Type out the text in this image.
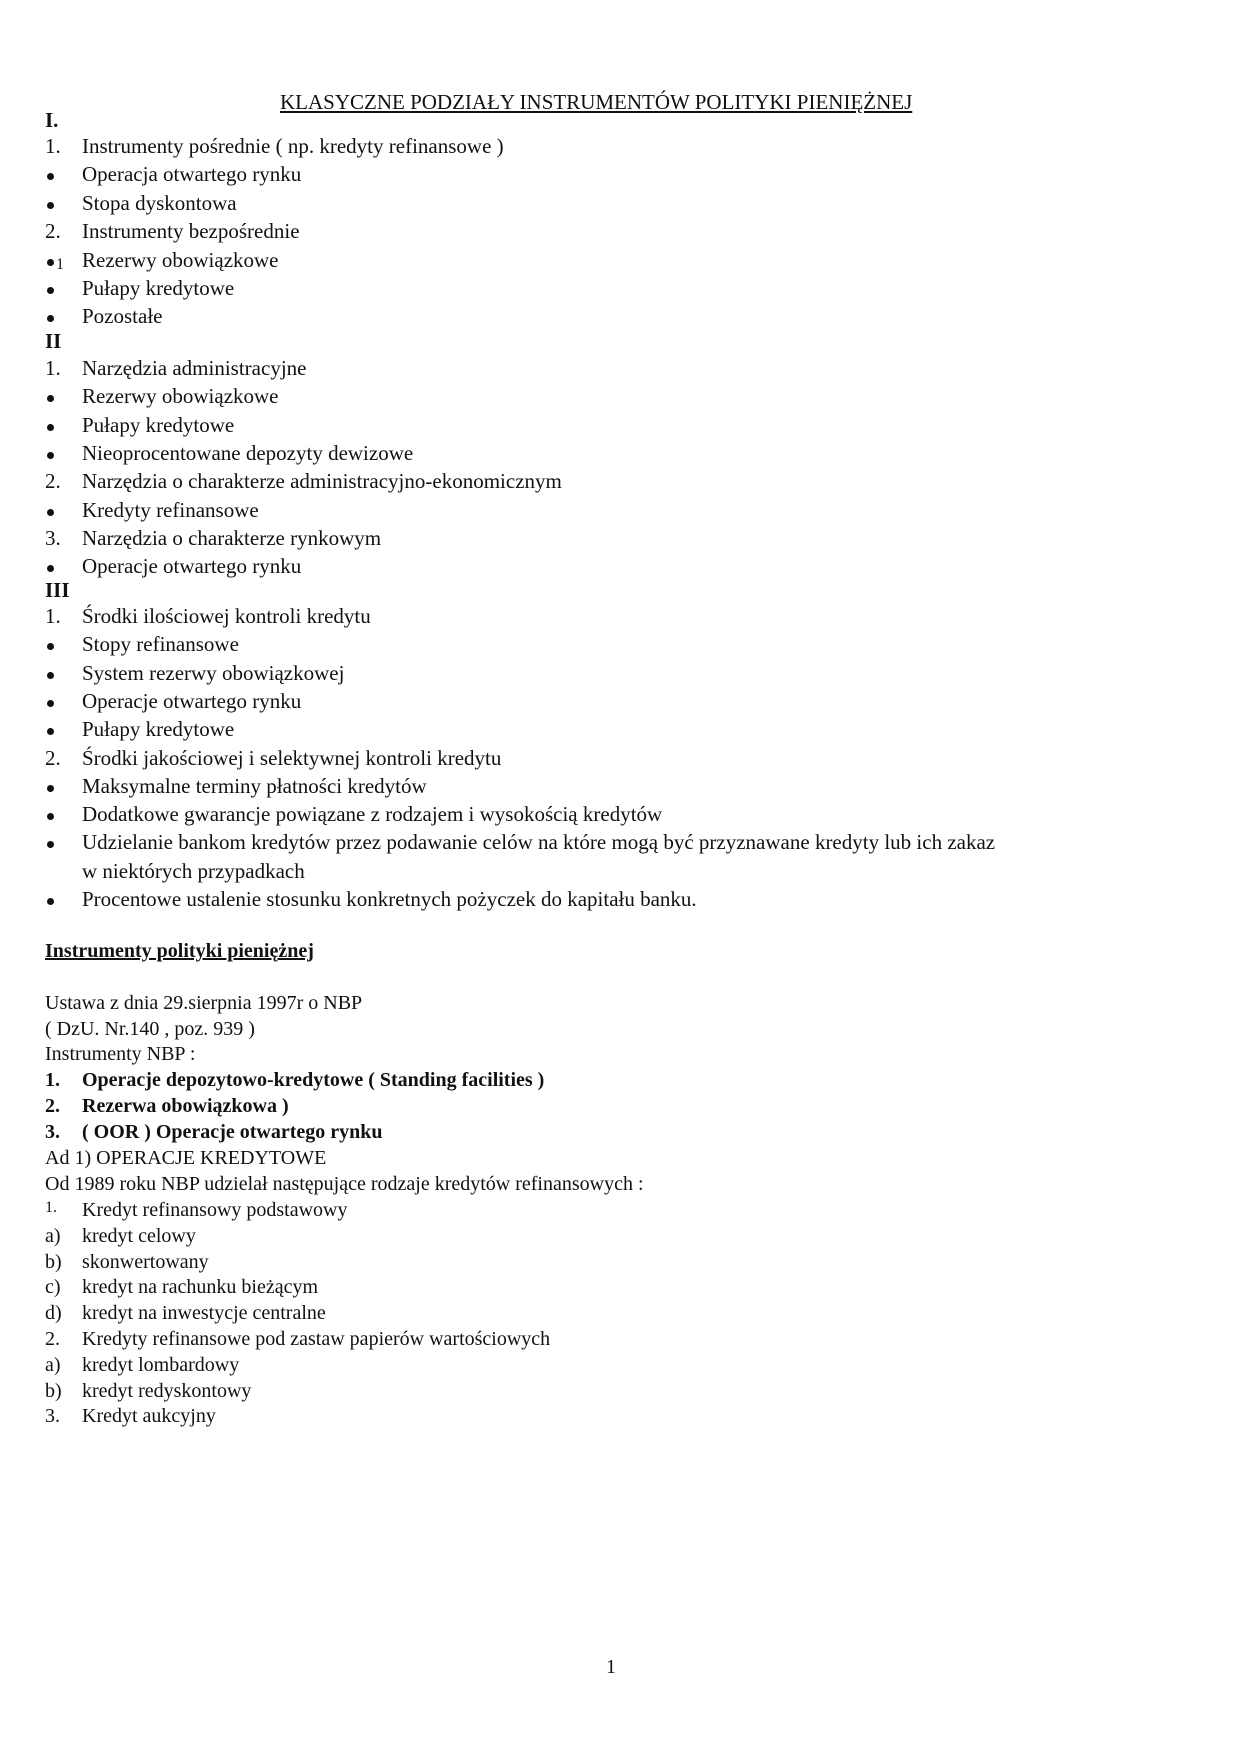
KLASYCZNE PODZIAŁY INSTRUMENTÓW POLITYKI PIENIĘŻNEJ
I.
1. Instrumenty pośrednie ( np. kredyty refinansowe )
Operacja otwartego rynku
Stopa dyskontowa
2. Instrumenty bezpośrednie
Rezerwy obowiązkowe
Pułapy kredytowe
Pozostałe
II
1. Narzędzia administracyjne
Rezerwy obowiązkowe
Pułapy kredytowe
Nieoprocentowane depozyty dewizowe
2. Narzędzia o charakterze administracyjno-ekonomicznym
Kredyty refinansowe
3. Narzędzia o charakterze rynkowym
Operacje otwartego rynku
III
1. Środki ilościowej kontroli kredytu
Stopy refinansowe
System rezerwy obowiązkowej
Operacje otwartego rynku
Pułapy kredytowe
2. Środki jakościowej i selektywnej kontroli kredytu
Maksymalne terminy płatności kredytów
Dodatkowe gwarancje powiązane z rodzajem i wysokością kredytów
Udzielanie bankom kredytów przez podawanie celów na które mogą być przyznawane kredyty lub ich zakaz
w niektórych przypadkach
Procentowe ustalenie stosunku konkretnych pożyczek do kapitału banku.
Instrumenty polityki pieniężnej
Ustawa z dnia 29.sierpnia 1997r o NBP
( DzU. Nr.140 , poz. 939 )
Instrumenty NBP :
1. Operacje depozytowo-kredytowe ( Standing facilities )
2. Rezerwa obowiązkowa )
3. ( OOR ) Operacje otwartego rynku
Ad 1) OPERACJE KREDYTOWE
Od 1989 roku NBP udzielał następujące rodzaje kredytów refinansowych :
1. Kredyt refinansowy podstawowy
a) kredyt celowy
b) skonwertowany
c) kredyt na rachunku bieżącym
d) kredyt na inwestycje centralne
2. Kredyty refinansowe pod zastaw papierów wartościowych
a) kredyt lombardowy
b) kredyt redyskontowy
3. Kredyt aukcyjny
1
1
